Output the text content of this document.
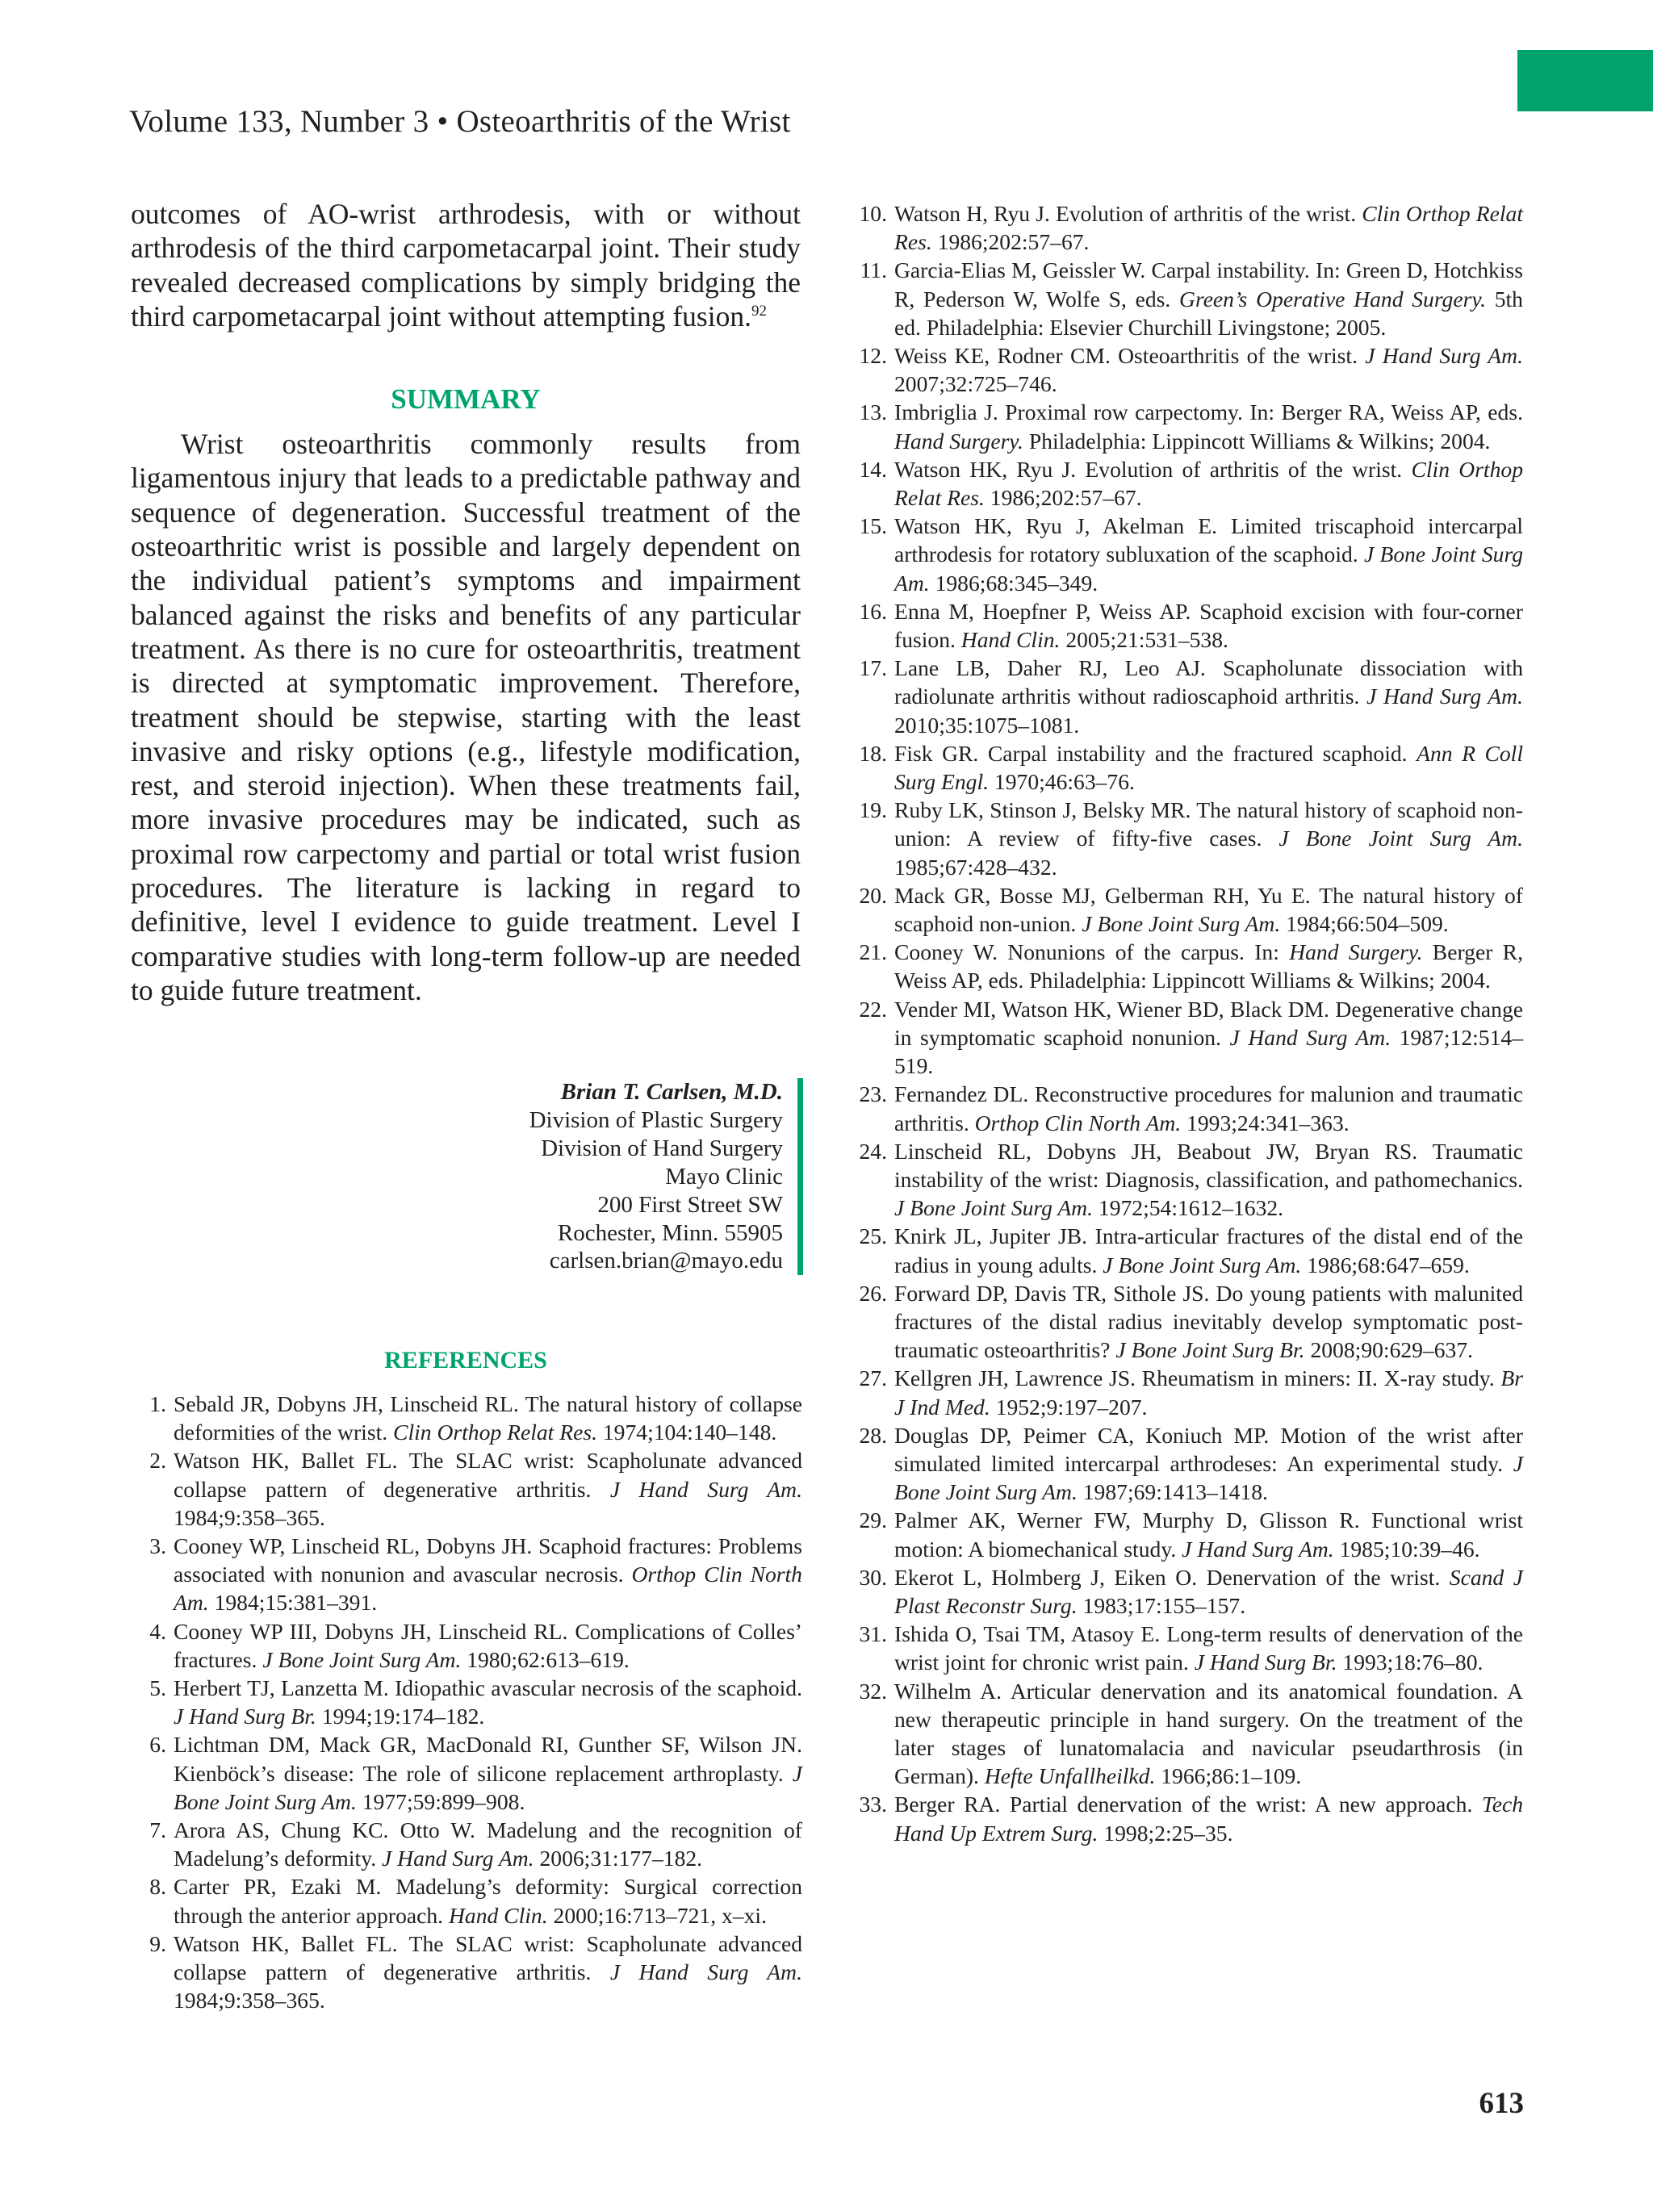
Volume 133, Number 3 • Osteoarthritis of the Wrist

outcomes of AO-wrist arthrodesis, with or without arthrodesis of the third carpometacarpal joint. Their study revealed decreased complications by simply bridging the third carpometacarpal joint without attempting fusion.$^{92}$

SUMMARY

Wrist osteoarthritis commonly results from ligamentous injury that leads to a predictable pathway and sequence of degeneration. Successful treatment of the osteoarthritic wrist is possible and largely dependent on the individual patient’s symptoms and impairment balanced against the risks and benefits of any particular treatment. As there is no cure for osteoarthritis, treatment is directed at symptomatic improvement. Therefore, treatment should be stepwise, starting with the least invasive and risky options (e.g., lifestyle modification, rest, and steroid injection). When these treatments fail, more invasive procedures may be indicated, such as proximal row carpectomy and partial or total wrist fusion procedures. The literature is lacking in regard to definitive, level I evidence to guide treatment. Level I comparative studies with long-term follow-up are needed to guide future treatment.

Brian T. Carlsen, M.D.
Division of Plastic Surgery
Division of Hand Surgery
Mayo Clinic
200 First Street SW
Rochester, Minn. 55905
carlsen.brian@mayo.edu
REFERENCES
1. Sebald JR, Dobyns JH, Linscheid RL. The natural history of collapse deformities of the wrist. Clin Orthop Relat Res. 1974;104:140–148.
2. Watson HK, Ballet FL. The SLAC wrist: Scapholunate advanced collapse pattern of degenerative arthritis. J Hand Surg Am. 1984;9:358–365.
3. Cooney WP, Linscheid RL, Dobyns JH. Scaphoid fractures: Problems associated with nonunion and avascular necrosis. Orthop Clin North Am. 1984;15:381–391.
4. Cooney WP III, Dobyns JH, Linscheid RL. Complications of Colles’ fractures. J Bone Joint Surg Am. 1980;62:613–619.
5. Herbert TJ, Lanzetta M. Idiopathic avascular necrosis of the scaphoid. J Hand Surg Br. 1994;19:174–182.
6. Lichtman DM, Mack GR, MacDonald RI, Gunther SF, Wilson JN. Kienböck’s disease: The role of silicone replacement arthroplasty. J Bone Joint Surg Am. 1977;59:899–908.
7. Arora AS, Chung KC. Otto W. Madelung and the recognition of Madelung’s deformity. J Hand Surg Am. 2006;31:177–182.
8. Carter PR, Ezaki M. Madelung’s deformity: Surgical correction through the anterior approach. Hand Clin. 2000;16:713–721, x–xi.
9. Watson HK, Ballet FL. The SLAC wrist: Scapholunate advanced collapse pattern of degenerative arthritis. J Hand Surg Am. 1984;9:358–365.
10. Watson H, Ryu J. Evolution of arthritis of the wrist. Clin Orthop Relat Res. 1986;202:57–67.
11. Garcia-Elias M, Geissler W. Carpal instability. In: Green D, Hotchkiss R, Pederson W, Wolfe S, eds. Green’s Operative Hand Surgery. 5th ed. Philadelphia: Elsevier Churchill Livingstone; 2005.
12. Weiss KE, Rodner CM. Osteoarthritis of the wrist. J Hand Surg Am. 2007;32:725–746.
13. Imbriglia J. Proximal row carpectomy. In: Berger RA, Weiss AP, eds. Hand Surgery. Philadelphia: Lippincott Williams & Wilkins; 2004.
14. Watson HK, Ryu J. Evolution of arthritis of the wrist. Clin Orthop Relat Res. 1986;202:57–67.
15. Watson HK, Ryu J, Akelman E. Limited triscaphoid intercarpal arthrodesis for rotatory subluxation of the scaphoid. J Bone Joint Surg Am. 1986;68:345–349.
16. Enna M, Hoepfner P, Weiss AP. Scaphoid excision with four-corner fusion. Hand Clin. 2005;21:531–538.
17. Lane LB, Daher RJ, Leo AJ. Scapholunate dissociation with radiolunate arthritis without radioscaphoid arthritis. J Hand Surg Am. 2010;35:1075–1081.
18. Fisk GR. Carpal instability and the fractured scaphoid. Ann R Coll Surg Engl. 1970;46:63–76.
19. Ruby LK, Stinson J, Belsky MR. The natural history of scaphoid non-union: A review of fifty-five cases. J Bone Joint Surg Am. 1985;67:428–432.
20. Mack GR, Bosse MJ, Gelberman RH, Yu E. The natural history of scaphoid non-union. J Bone Joint Surg Am. 1984;66:504–509.
21. Cooney W. Nonunions of the carpus. In: Hand Surgery. Berger R, Weiss AP, eds. Philadelphia: Lippincott Williams & Wilkins; 2004.
22. Vender MI, Watson HK, Wiener BD, Black DM. Degenerative change in symptomatic scaphoid nonunion. J Hand Surg Am. 1987;12:514–519.
23. Fernandez DL. Reconstructive procedures for malunion and traumatic arthritis. Orthop Clin North Am. 1993;24:341–363.
24. Linscheid RL, Dobyns JH, Beabout JW, Bryan RS. Traumatic instability of the wrist: Diagnosis, classification, and pathomechanics. J Bone Joint Surg Am. 1972;54:1612–1632.
25. Knirk JL, Jupiter JB. Intra-articular fractures of the distal end of the radius in young adults. J Bone Joint Surg Am. 1986;68:647–659.
26. Forward DP, Davis TR, Sithole JS. Do young patients with malunited fractures of the distal radius inevitably develop symptomatic post-traumatic osteoarthritis? J Bone Joint Surg Br. 2008;90:629–637.
27. Kellgren JH, Lawrence JS. Rheumatism in miners: II. X-ray study. Br J Ind Med. 1952;9:197–207.
28. Douglas DP, Peimer CA, Koniuch MP. Motion of the wrist after simulated limited intercarpal arthrodeses: An experimental study. J Bone Joint Surg Am. 1987;69:1413–1418.
29. Palmer AK, Werner FW, Murphy D, Glisson R. Functional wrist motion: A biomechanical study. J Hand Surg Am. 1985;10:39–46.
30. Ekerot L, Holmberg J, Eiken O. Denervation of the wrist. Scand J Plast Reconstr Surg. 1983;17:155–157.
31. Ishida O, Tsai TM, Atasoy E. Long-term results of denervation of the wrist joint for chronic wrist pain. J Hand Surg Br. 1993;18:76–80.
32. Wilhelm A. Articular denervation and its anatomical foundation. A new therapeutic principle in hand surgery. On the treatment of the later stages of lunatomalacia and navicular pseudarthrosis (in German). Hefte Unfallheilkd. 1966;86:1–109.
33. Berger RA. Partial denervation of the wrist: A new approach. Tech Hand Up Extrem Surg. 1998;2:25–35.
613
